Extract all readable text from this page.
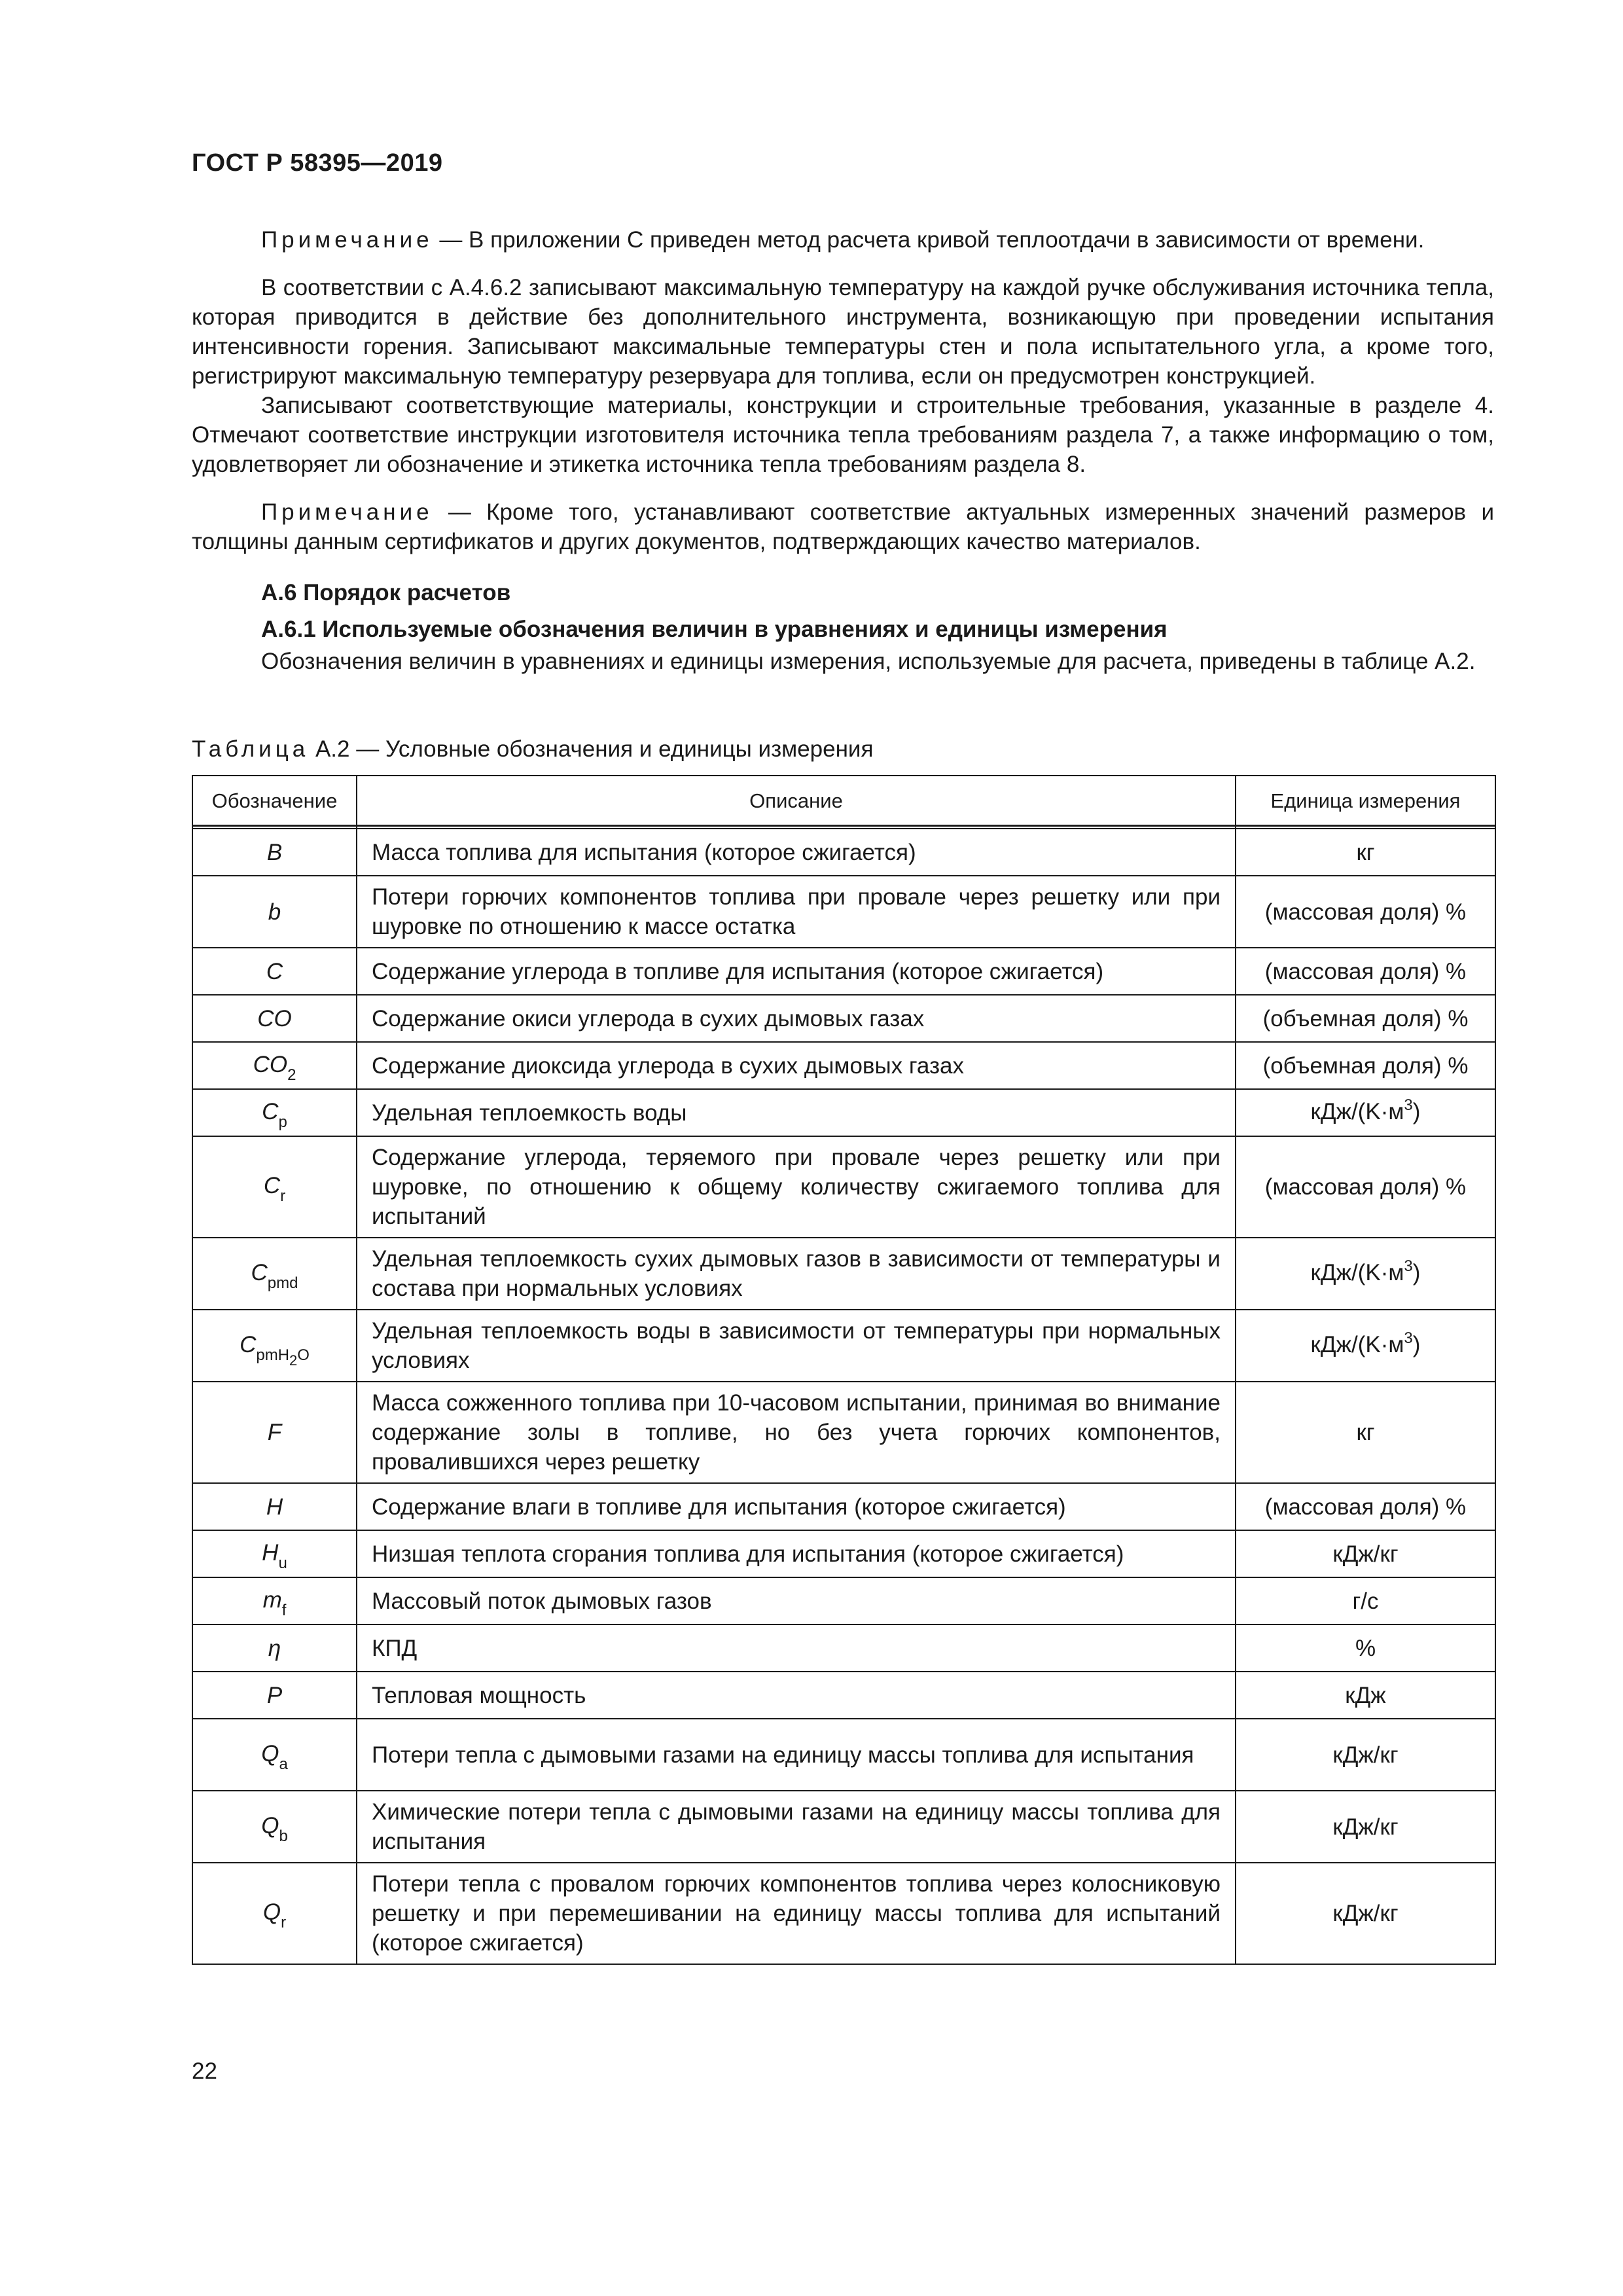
ГОСТ Р 58395—2019

Примечание — В приложении С приведен метод расчета кривой теплоотдачи в зависимости от времени.

В соответствии с А.4.6.2 записывают максимальную температуру на каждой ручке обслуживания источника тепла, которая приводится в действие без дополнительного инструмента, возникающую при проведении испытания интенсивности горения. Записывают максимальные температуры стен и пола испытательного угла, а кроме того, регистрируют максимальную температуру резервуара для топлива, если он предусмотрен конструкцией.

Записывают соответствующие материалы, конструкции и строительные требования, указанные в разделе 4. Отмечают соответствие инструкции изготовителя источника тепла требованиям раздела 7, а также информацию о том, удовлетворяет ли обозначение и этикетка источника тепла требованиям раздела 8.

Примечание — Кроме того, устанавливают соответствие актуальных измеренных значений размеров и толщины данным сертификатов и других документов, подтверждающих качество материалов.

А.6 Порядок расчетов
А.6.1 Используемые обозначения величин в уравнениях и единицы измерения

Обозначения величин в уравнениях и единицы измерения, используемые для расчета, приведены в таблице А.2.

Таблица А.2 — Условные обозначения и единицы измерения
Обозначение	Описание	Единица измерения

B	Масса топлива для испытания (которое сжигается)	кг
b	Потери горючих компонентов топлива при провале через решетку или при шуровке по отношению к массе остатка	(массовая доля) %
C	Содержание углерода в топливе для испытания (которое сжигается)	(массовая доля) %
CO	Содержание окиси углерода в сухих дымовых газах	(объемная доля) %
$CO_2$	Содержание диоксида углерода в сухих дымовых газах	(объемная доля) %
$C_p$	Удельная теплоемкость воды	кДж/$(K\cdot м^3)$
$C_r$	Содержание углерода, теряемого при провале через решетку или при шуровке, по отношению к общему количеству сжигаемого топлива для испытаний	(массовая доля) %
$C_{pmd}$	Удельная теплоемкость сухих дымовых газов в зависимости от температуры и состава при нормальных условиях	кДж/$(K\cdot м^3)$
$C_{pmH2O}$	Удельная теплоемкость воды в зависимости от температуры при нормальных условиях	кДж/$(K\cdot м^3)$
F	Масса сожженного топлива при 10-часовом испытании, принимая во внимание содержание золы в топливе, но без учета горючих компонентов, провалившихся через решетку	кг
H	Содержание влаги в топливе для испытания (которое сжигается)	(массовая доля) %
$H_u$	Низшая теплота сгорания топлива для испытания (которое сжигается)	кДж/кг
$m_f$	Массовый поток дымовых газов	г/с
η	КПД	%
P	Тепловая мощность	кДж
$Q_a$	Потери тепла с дымовыми газами на единицу массы топлива для испытания	кДж/кг
$Q_b$	Химические потери тепла с дымовыми газами на единицу массы топлива для испытания	кДж/кг
$Q_r$	Потери тепла с провалом горючих компонентов топлива через колосниковую решетку и при перемешивании на единицу массы топлива для испытаний (которое сжигается)	кДж/кг
22
